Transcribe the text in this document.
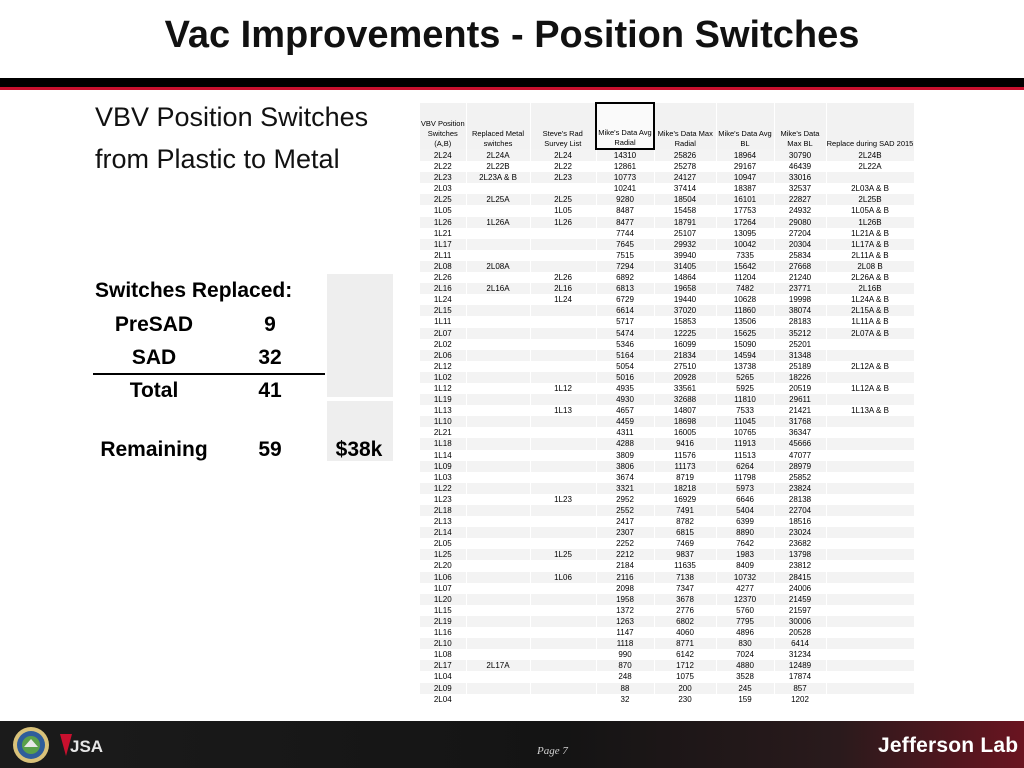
Vac Improvements - Position Switches
VBV Position Switches
from Plastic to Metal
Switches Replaced:
PreSAD	9
SAD	32
Total	41
Remaining	59	$38k
VBV Position Switches (A,B)	Replaced Metal switches	Steve's Rad Survey List	Mike's Data Avg Radial	Mike's Data Max Radial	Mike's Data Avg BL	Mike's Data Max BL	Replace during SAD 2015
2L24	2L24A	2L24	14310	25826	18964	30790	2L24B
2L22	2L22B	2L22	12861	25278	29167	46439	2L22A
2L23	2L23A & B	2L23	10773	24127	10947	33016	
2L03			10241	37414	18387	32537	2L03A & B
2L25	2L25A	2L25	9280	18504	16101	22827	2L25B
1L05		1L05	8487	15458	17753	24932	1L05A & B
1L26	1L26A	1L26	8477	18791	17264	29080	1L26B
1L21			7744	25107	13095	27204	1L21A & B
1L17			7645	29932	10042	20304	1L17A & B
2L11			7515	39940	7335	25834	2L11A & B
2L08	2L08A		7294	31405	15642	27668	2L08 B
2L26		2L26	6892	14864	11204	21240	2L26A & B
2L16	2L16A	2L16	6813	19658	7482	23771	2L16B
1L24		1L24	6729	19440	10628	19998	1L24A & B
2L15			6614	37020	11860	38074	2L15A & B
1L11			5717	15853	13506	28183	1L11A & B
2L07			5474	12225	15625	35212	2L07A & B
2L02			5346	16099	15090	25201	
2L06			5164	21834	14594	31348	
2L12			5054	27510	13738	25189	2L12A & B
1L02			5016	20928	5265	18226	
1L12		1L12	4935	33561	5925	20519	1L12A & B
1L19			4930	32688	11810	29611	
1L13		1L13	4657	14807	7533	21421	1L13A & B
1L10			4459	18698	11045	31768	
2L21			4311	16005	10765	36347	
1L18			4288	9416	11913	45666	
1L14			3809	11576	11513	47077	
1L09			3806	11173	6264	28979	
1L03			3674	8719	11798	25852	
1L22			3321	18218	5973	23824	
1L23		1L23	2952	16929	6646	28138	
2L18			2552	7491	5404	22704	
2L13			2417	8782	6399	18516	
2L14			2307	6815	8890	23024	
2L05			2252	7469	7642	23682	
1L25		1L25	2212	9837	1983	13798	
2L20			2184	11635	8409	23812	
1L06		1L06	2116	7138	10732	28415	
1L07			2098	7347	4277	24006	
1L20			1958	3678	12370	21459	
1L15			1372	2776	5760	21597	
2L19			1263	6802	7795	30006	
1L16			1147	4060	4896	20528	
2L10			1118	8771	830	6414	
1L08			990	6142	7024	31234	
2L17	2L17A		870	1712	4880	12489	
1L04			248	1075	3528	17874	
2L09			88	200	245	857	
2L04			32	230	159	1202	
JSA	Page 7	Jefferson Lab
